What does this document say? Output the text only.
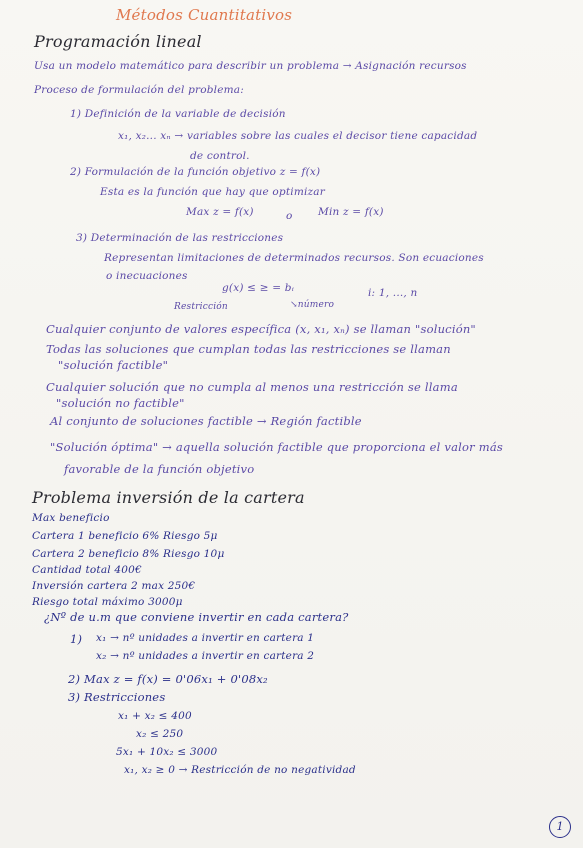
Métodos Cuantitativos
Programación lineal
Usa un modelo matemático para describir un problema → Asignación recursos
Proceso de formulación del problema:
1) Definición de la variable de decisión
x₁, x₂... xₙ → variables sobre las cuales el decisor tiene capacidad
de control.
2) Formulación de la función objetivo z = f(x)
Esta es la función que hay que optimizar
Max z = f(x)	o Min z = f(x)
3) Determinación de las restricciones
Representan limitaciones de determinados recursos. Son ecuaciones
o inecuaciones
g(x) ≤ ≥ = bᵢ	i: 1, ..., n
Restricción	↘número
Cualquier conjunto de valores específica (x, x₁, xₙ) se llaman "solución"
Todas las soluciones que cumplan todas las restricciones se llaman
"solución factible"
Cualquier solución que no cumpla al menos una restricción se llama
"solución no factible"
Al conjunto de soluciones factible → Región factible
"Solución óptima" → aquella solución factible que proporciona el valor más
favorable de la función objetivo
Problema inversión de la cartera
Max beneficio
Cartera 1 beneficio 6% Riesgo 5μ
Cartera 2 beneficio 8% Riesgo 10μ
Cantidad total 400€
Inversión cartera 2 max 250€
Riesgo total máximo 3000μ
¿Nº de u.m que conviene invertir en cada cartera?
1) x₁ → nº unidades a invertir en cartera 1
x₂ → nº unidades a invertir en cartera 2
2) Max z = f(x) = 0'06x₁ + 0'08x₂
3) Restricciones
x₁ + x₂ ≤ 400
x₂ ≤ 250
5x₁ + 10x₂ ≤ 3000
x₁, x₂ ≥ 0 → Restricción de no negatividad
1
